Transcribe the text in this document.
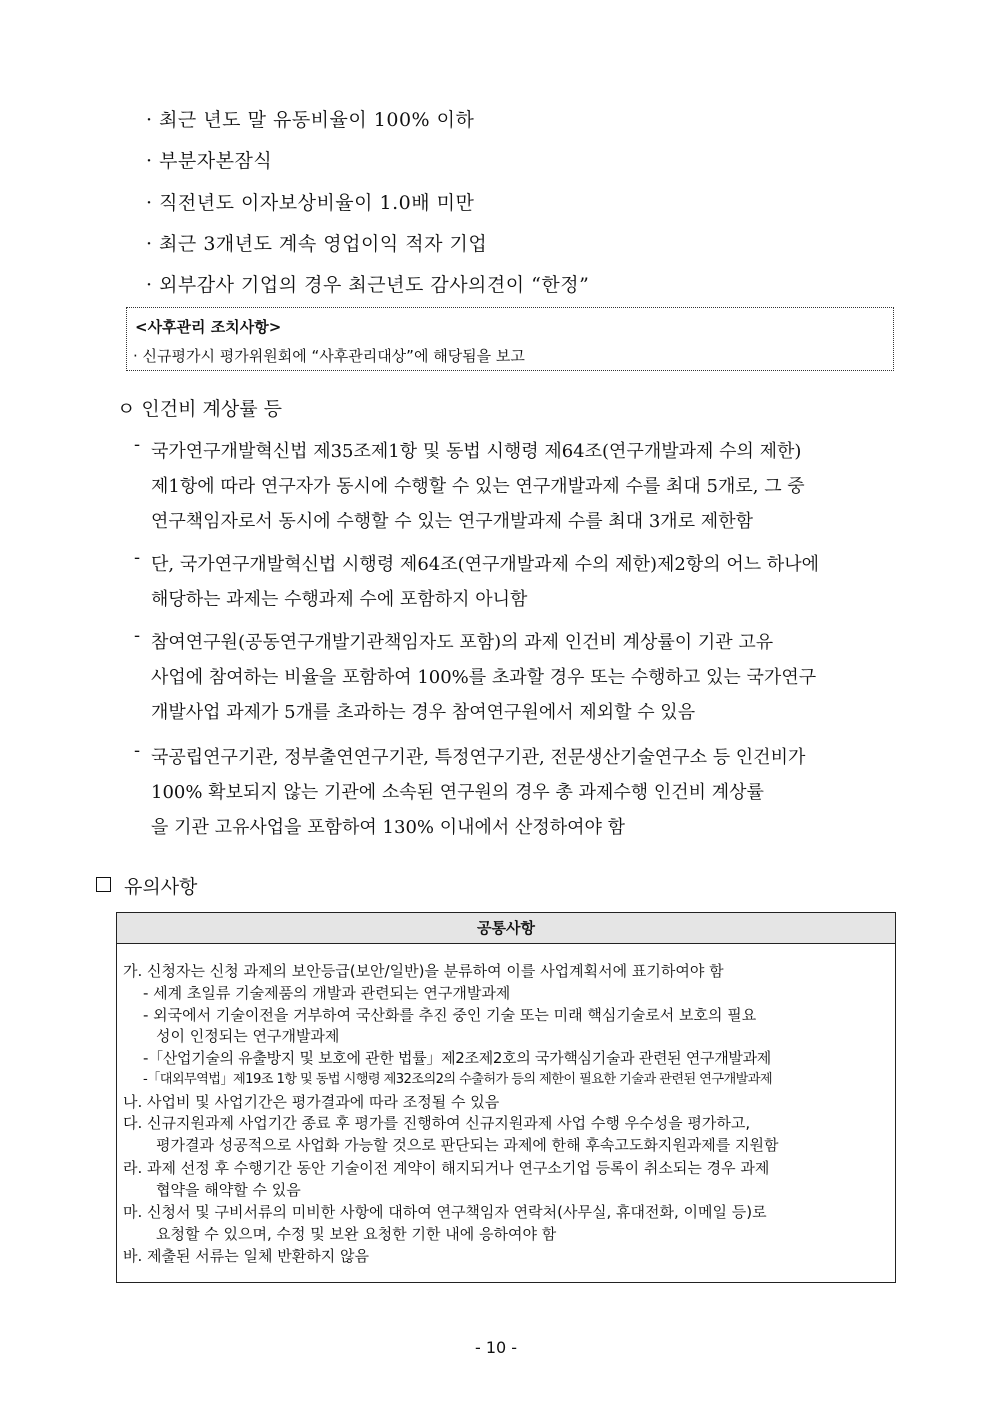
· 최근 년도 말 유동비율이 100% 이하
· 부분자본잠식
· 직전년도 이자보상비율이 1.0배 미만
· 최근 3개년도 계속 영업이익 적자 기업
· 외부감사 기업의 경우 최근년도 감사의견이 “한정”
<사후관리 조치사항>
· 신규평가시 평가위원회에 “사후관리대상”에 해당됨을 보고
ㅇ 인건비 계상률 등
- 국가연구개발혁신법 제35조제1항 및 동법 시행령 제64조(연구개발과제 수의 제한)
제1항에 따라 연구자가 동시에 수행할 수 있는 연구개발과제 수를 최대 5개로, 그 중
연구책임자로서 동시에 수행할 수 있는 연구개발과제 수를 최대 3개로 제한함
- 단, 국가연구개발혁신법 시행령 제64조(연구개발과제 수의 제한)제2항의 어느 하나에
해당하는 과제는 수행과제 수에 포함하지 아니함
- 참여연구원(공동연구개발기관책임자도 포함)의 과제 인건비 계상률이 기관 고유
사업에 참여하는 비율을 포함하여 100%를 초과할 경우 또는 수행하고 있는 국가연구
개발사업 과제가 5개를 초과하는 경우 참여연구원에서 제외할 수 있음
- 국공립연구기관, 정부출연연구기관, 특정연구기관, 전문생산기술연구소 등 인건비가
100% 확보되지 않는 기관에 소속된 연구원의 경우 총 과제수행 인건비 계상률
을 기관 고유사업을 포함하여 130% 이내에서 산정하여야 함
유의사항
공통사항
가. 신청자는 신청 과제의 보안등급(보안/일반)을 분류하여 이를 사업계획서에 표기하여야 함
- 세계 초일류 기술제품의 개발과 관련되는 연구개발과제
- 외국에서 기술이전을 거부하여 국산화를 추진 중인 기술 또는 미래 핵심기술로서 보호의 필요
성이 인정되는 연구개발과제
-「산업기술의 유출방지 및 보호에 관한 법률」제2조제2호의 국가핵심기술과 관련된 연구개발과제
-「대외무역법」제19조 1항 및 동법 시행령 제32조의2의 수출허가 등의 제한이 필요한 기술과 관련된 연구개발과제
나. 사업비 및 사업기간은 평가결과에 따라 조정될 수 있음
다. 신규지원과제 사업기간 종료 후 평가를 진행하여 신규지원과제 사업 수행 우수성을 평가하고,
평가결과 성공적으로 사업화 가능할 것으로 판단되는 과제에 한해 후속고도화지원과제를 지원함
라. 과제 선정 후 수행기간 동안 기술이전 계약이 해지되거나 연구소기업 등록이 취소되는 경우 과제
협약을 해약할 수 있음
마. 신청서 및 구비서류의 미비한 사항에 대하여 연구책임자 연락처(사무실, 휴대전화, 이메일 등)로
요청할 수 있으며, 수정 및 보완 요청한 기한 내에 응하여야 함
바. 제출된 서류는 일체 반환하지 않음
- 10 -
